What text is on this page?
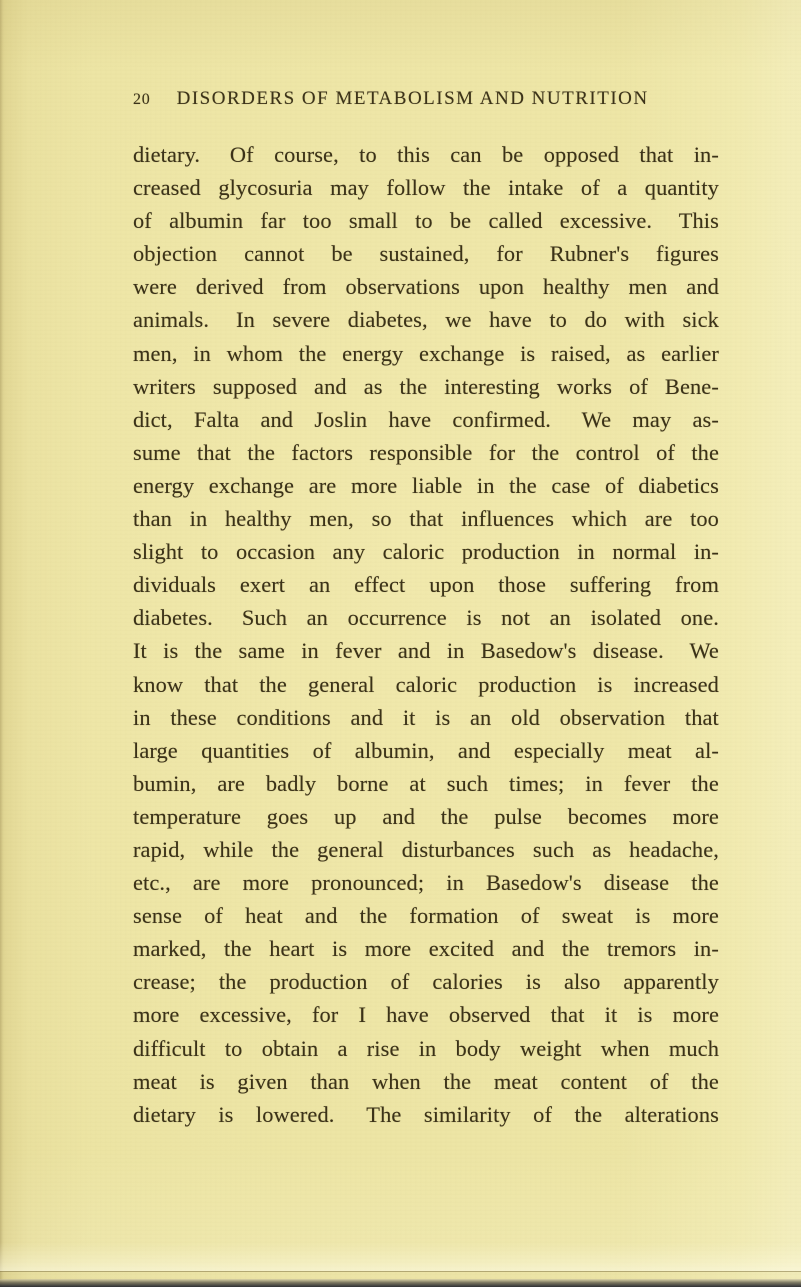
20 DISORDERS OF METABOLISM AND NUTRITION
dietary. Of course, to this can be opposed that in-
creased glycosuria may follow the intake of a quantity
of albumin far too small to be called excessive. This
objection cannot be sustained, for Rubner's figures
were derived from observations upon healthy men and
animals. In severe diabetes, we have to do with sick
men, in whom the energy exchange is raised, as earlier
writers supposed and as the interesting works of Bene-
dict, Falta and Joslin have confirmed. We may as-
sume that the factors responsible for the control of the
energy exchange are more liable in the case of diabetics
than in healthy men, so that influences which are too
slight to occasion any caloric production in normal in-
dividuals exert an effect upon those suffering from
diabetes. Such an occurrence is not an isolated one.
It is the same in fever and in Basedow's disease. We
know that the general caloric production is increased
in these conditions and it is an old observation that
large quantities of albumin, and especially meat al-
bumin, are badly borne at such times; in fever the
temperature goes up and the pulse becomes more
rapid, while the general disturbances such as headache,
etc., are more pronounced; in Basedow's disease the
sense of heat and the formation of sweat is more
marked, the heart is more excited and the tremors in-
crease; the production of calories is also apparently
more excessive, for I have observed that it is more
difficult to obtain a rise in body weight when much
meat is given than when the meat content of the
dietary is lowered. The similarity of the alterations
